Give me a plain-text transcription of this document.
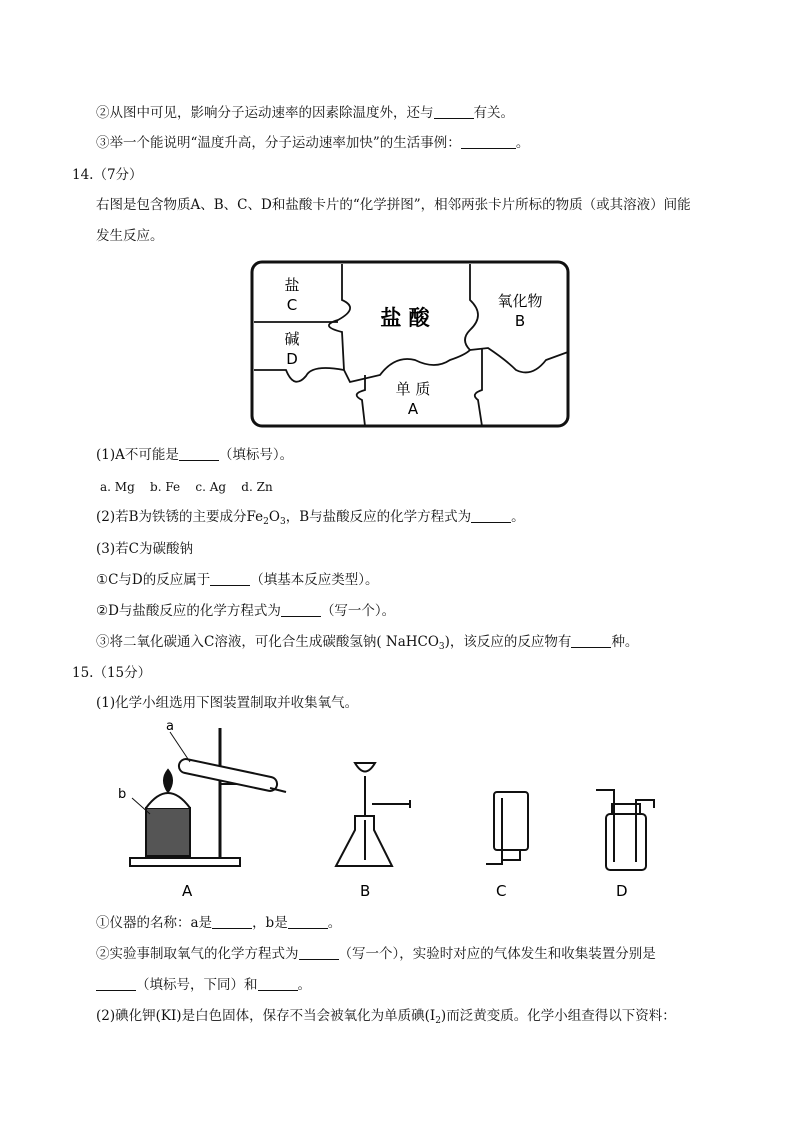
②从图中可见，影响分子运动速率的因素除温度外，还与	有关。
③举一个能说明“温度升高，分子运动速率加快”的生活事例：	。
14.（7分）
右图是包含物质A、B、C、D和盐酸卡片的“化学拼图”，相邻两张卡片所标的物质（或其溶液）间能
发生反应。
盐
C
碱
D
盐 酸
氧化物
B
单 质
A
(1)A不可能是	（填标号）。
a. Mg    b. Fe    c. Ag    d. Zn
(2)若B为铁锈的主要成分$Fe_2O_3$，B与盐酸反应的化学方程式为	。
(3)若C为碳酸钠
①C与D的反应属于	（填基本反应类型）。
②D与盐酸反应的化学方程式为	（写一个）。
③将二氧化碳通入C溶液，可化合生成碳酸氢钠( NaHCO$_3$)，该反应的反应物有	种。
15.（15分）
(1)化学小组选用下图装置制取并收集氧气。
a
b
A	B	C	D
①仪器的名称：a是	，b是	。
②实验事制取氧气的化学方程式为	（写一个），实验时对应的气体发生和收集装置分别是
（填标号，下同）和	。
(2)碘化钾(KI)是白色固体，保存不当会被氧化为单质碘$(I_2)$而泛黄变质。化学小组查得以下资料：
